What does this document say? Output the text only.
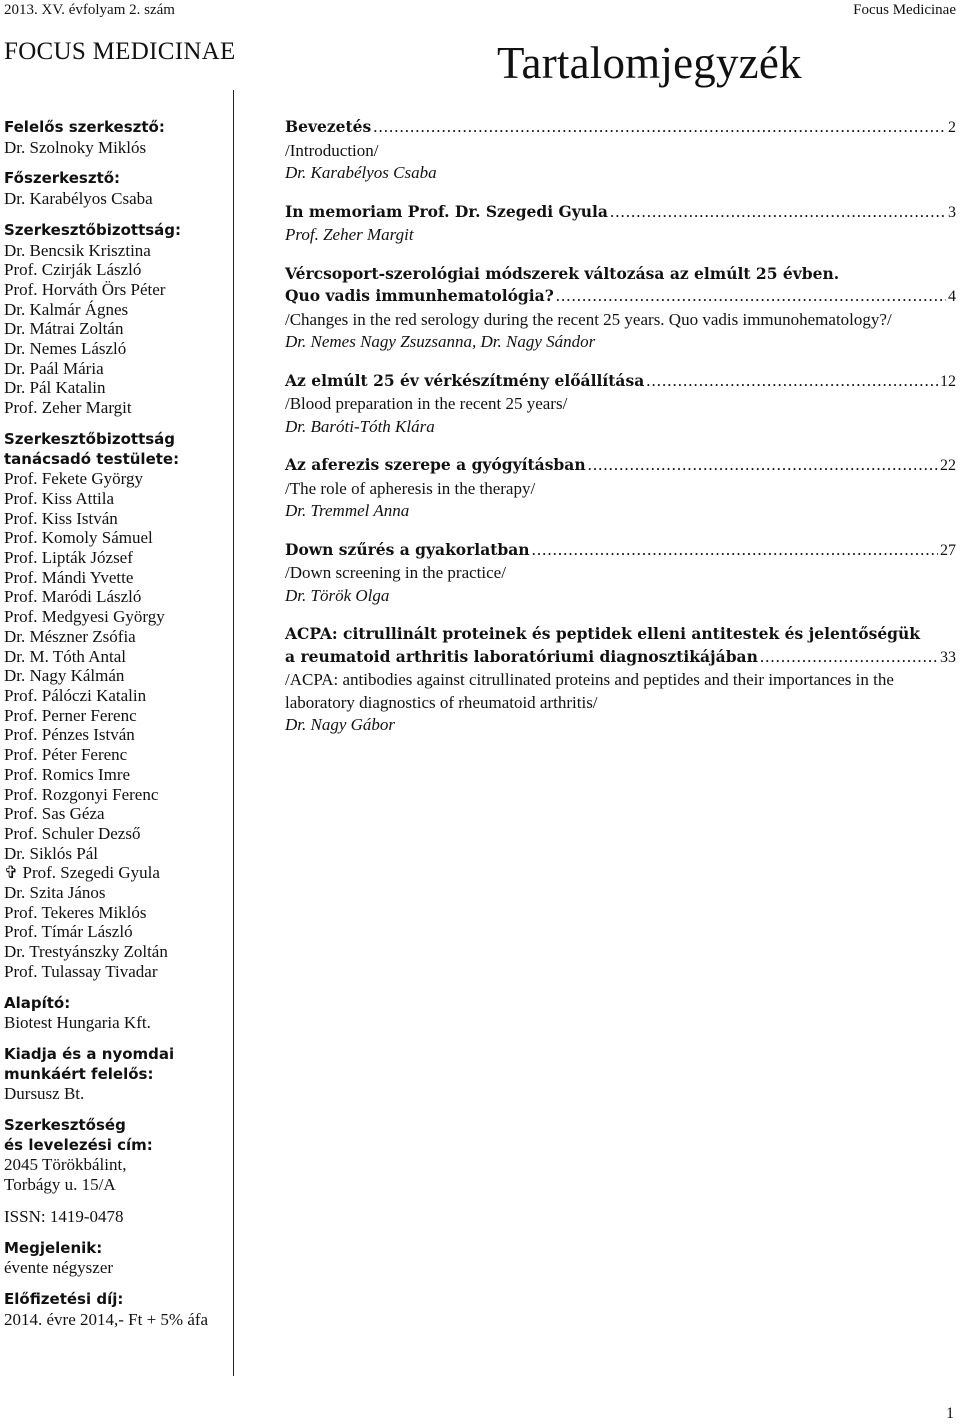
2013. XV. évfolyam 2. szám	Focus Medicinae
FOCUS MEDICINAE	Tartalomjegyzék
Felelős szerkesztő:
Dr. Szolnoky Miklós
Főszerkesztő:
Dr. Karabélyos Csaba
Szerkesztőbizottság:
Dr. Bencsik Krisztina
Prof. Czirják László
Prof. Horváth Örs Péter
Dr. Kalmár Ágnes
Dr. Mátrai Zoltán
Dr. Nemes László
Dr. Paál Mária
Dr. Pál Katalin
Prof. Zeher Margit
Szerkesztőbizottság
tanácsadó testülete:
Prof. Fekete György
Prof. Kiss Attila
Prof. Kiss István
Prof. Komoly Sámuel
Prof. Lipták József
Prof. Mándi Yvette
Prof. Maródi László
Prof. Medgyesi György
Dr. Mészner Zsófia
Dr. M. Tóth Antal
Dr. Nagy Kálmán
Prof. Pálóczi Katalin
Prof. Perner Ferenc
Prof. Pénzes István
Prof. Péter Ferenc
Prof. Romics Imre
Prof. Rozgonyi Ferenc
Prof. Sas Géza
Prof. Schuler Dezső
Dr. Siklós Pál
✞ Prof. Szegedi Gyula
Dr. Szita János
Prof. Tekeres Miklós
Prof. Tímár László
Dr. Trestyánszky Zoltán
Prof. Tulassay Tivadar
Alapító:
Biotest Hungaria Kft.
Kiadja és a nyomdai
munkáért felelős:
Dursusz Bt.
Szerkesztőség
és levelezési cím:
2045 Törökbálint,
Torbágy u. 15/A
ISSN: 1419-0478
Megjelenik:
évente négyszer
Előfizetési díj:
2014. évre 2014,- Ft + 5% áfa
Bevezetés .....	2
/Introduction/
Dr. Karabélyos Csaba
In memoriam Prof. Dr. Szegedi Gyula .....	3
Prof. Zeher Margit
Vércsoport-szerológiai módszerek változása az elmúlt 25 évben.
Quo vadis immunhematológia? .....	4
/Changes in the red serology during the recent 25 years. Quo vadis immunohematology?/
Dr. Nemes Nagy Zsuzsanna, Dr. Nagy Sándor
Az elmúlt 25 év vérkészítmény előállítása .....	12
/Blood preparation in the recent 25 years/
Dr. Baróti-Tóth Klára
Az aferezis szerepe a gyógyításban .....	22
/The role of apheresis in the therapy/
Dr. Tremmel Anna
Down szűrés a gyakorlatban .....	27
/Down screening in the practice/
Dr. Török Olga
ACPA: citrullinált proteinek és peptidek elleni antitestek és jelentőségük
a reumatoid arthritis laboratóriumi diagnosztikájában .....	33
/ACPA: antibodies against citrullinated proteins and peptides and their importances in the laboratory diagnostics of rheumatoid arthritis/
Dr. Nagy Gábor
1
